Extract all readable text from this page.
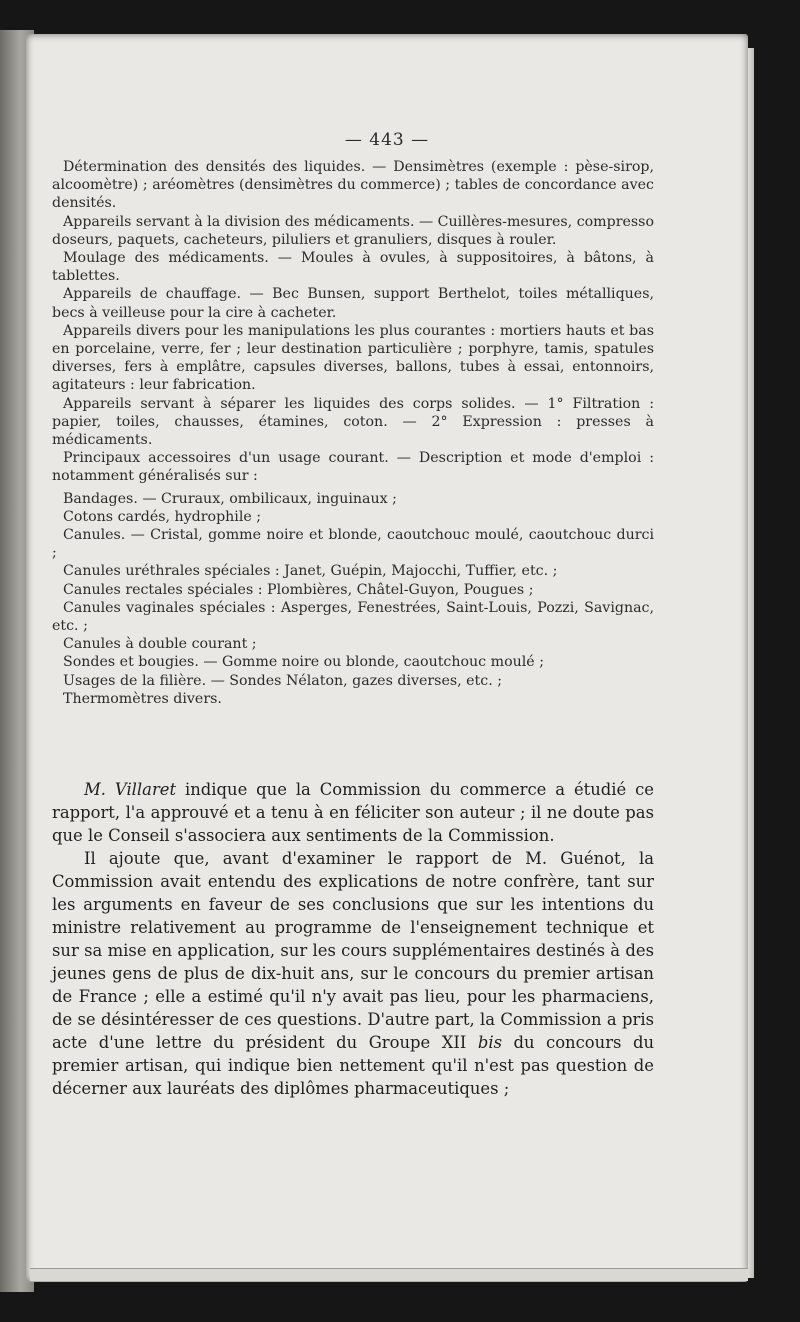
— 443 —

Détermination des densités des liquides. — Densimètres (exemple : pèse-sirop, alcoomètre) ; aréomètres (densimètres du commerce) ; tables de concordance avec densités.

Appareils servant à la division des médicaments. — Cuillères-mesures, compresso doseurs, paquets, cacheteurs, piluliers et granuliers, disques à rouler.

Moulage des médicaments. — Moules à ovules, à suppositoires, à bâtons, à tablettes.

Appareils de chauffage. — Bec Bunsen, support Berthelot, toiles métalliques, becs à veilleuse pour la cire à cacheter.

Appareils divers pour les manipulations les plus courantes : mortiers hauts et bas en porcelaine, verre, fer ; leur destination particulière ; porphyre, tamis, spatules diverses, fers à emplâtre, capsules diverses, ballons, tubes à essai, entonnoirs, agitateurs : leur fabrication.

Appareils servant à séparer les liquides des corps solides. — 1° Filtration : papier, toiles, chausses, étamines, coton. — 2° Expression : presses à médicaments.

Principaux accessoires d'un usage courant. — Description et mode d'emploi : notamment généralisés sur :

Bandages. — Cruraux, ombilicaux, inguinaux ;

Cotons cardés, hydrophile ;

Canules. — Cristal, gomme noire et blonde, caoutchouc moulé, caoutchouc durci ;

Canules uréthrales spéciales : Janet, Guépin, Majocchi, Tuffier, etc. ;

Canules rectales spéciales : Plombières, Châtel-Guyon, Pougues ;

Canules vaginales spéciales : Asperges, Fenestrées, Saint-Louis, Pozzi, Savignac, etc. ;

Canules à double courant ;

Sondes et bougies. — Gomme noire ou blonde, caoutchouc moulé ;

Usages de la filière. — Sondes Nélaton, gazes diverses, etc. ;

Thermomètres divers.

M. Villaret indique que la Commission du commerce a étudié ce rapport, l'a approuvé et a tenu à en féliciter son auteur ; il ne doute pas que le Conseil s'associera aux sentiments de la Commission.

Il ajoute que, avant d'examiner le rapport de M. Guénot, la Commission avait entendu des explications de notre confrère, tant sur les arguments en faveur de ses conclusions que sur les intentions du ministre relativement au programme de l'enseignement technique et sur sa mise en application, sur les cours supplémentaires destinés à des jeunes gens de plus de dix-huit ans, sur le concours du premier artisan de France ; elle a estimé qu'il n'y avait pas lieu, pour les pharmaciens, de se désintéresser de ces questions. D'autre part, la Commission a pris acte d'une lettre du président du Groupe XII bis du concours du premier artisan, qui indique bien nettement qu'il n'est pas question de décerner aux lauréats des diplômes pharmaceutiques ;
